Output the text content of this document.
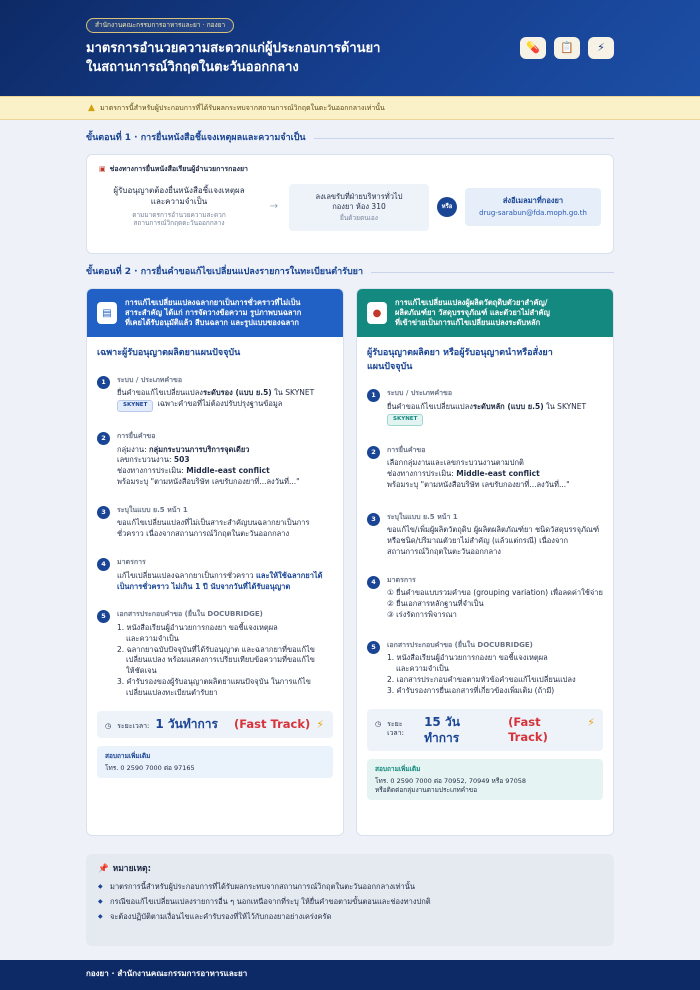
สำนักงานคณะกรรมการอาหารและยา · กองยา
มาตรการอำนวยความสะดวกแก่ผู้ประกอบการด้านยา
ในสถานการณ์วิกฤตในตะวันออกกลาง
💊	📋	⚡
▲ มาตรการนี้สำหรับผู้ประกอบการที่ได้รับผลกระทบจากสถานการณ์วิกฤตในตะวันออกกลางเท่านั้น
ขั้นตอนที่ 1 · การยื่นหนังสือชี้แจงเหตุผลและความจำเป็น
▣ ช่องทางการยื่นหนังสือเรียนผู้อำนวยการกองยา
ผู้รับอนุญาตต้องยื่นหนังสือชี้แจงเหตุผล
และความจำเป็น
ตามมาตรการอำนวยความสะดวก
สถานการณ์วิกฤตตะวันออกกลาง
→
ลงเลขรับที่ฝ่ายบริหารทั่วไป
กองยา ห้อง 310
ยื่นด้วยตนเอง
หรือ
ส่งอีเมลมาที่กองยา
drug-sarabun@fda.moph.go.th
ขั้นตอนที่ 2 · การยื่นคำขอแก้ไขเปลี่ยนแปลงรายการในทะเบียนตำรับยา
▤
การแก้ไขเปลี่ยนแปลงฉลากยาเป็นการชั่วคราวที่ไม่เป็น
สาระสำคัญ ได้แก่ การจัดวางข้อความ รูปภาพบนฉลาก
ที่เคยได้รับอนุมัติแล้ว สีบนฉลาก และรูปแบบของฉลาก
เฉพาะผู้รับอนุญาตผลิตยาแผนปัจจุบัน
1	ระบบ / ประเภทคำขอ
ยื่นคำขอแก้ไขเปลี่ยนแปลงระดับรอง (แบบ ย.5) ใน SKYNET
SKYNET เฉพาะคำขอที่ไม่ต้องปรับปรุงฐานข้อมูล
2	การยื่นคำขอ
กลุ่มงาน: กลุ่มกระบวนการบริการจุดเดียว
เลขกระบวนงาน: 503
ช่องทางการประเมิน: Middle-east conflict
พร้อมระบุ "ตามหนังสือบริษัท เลขรับกองยาที่...ลงวันที่..."
3	ระบุในแบบ ย.5 หน้า 1
ขอแก้ไขเปลี่ยนแปลงที่ไม่เป็นสาระสำคัญบนฉลากยาเป็นการ
ชั่วคราว เนื่องจากสถานการณ์วิกฤตในตะวันออกกลาง
4	มาตรการ
แก้ไขเปลี่ยนแปลงฉลากยาเป็นการชั่วคราว และให้ใช้ฉลากยาได้
เป็นการชั่วคราว ไม่เกิน 1 ปี นับจากวันที่ได้รับอนุญาต
5	เอกสารประกอบคำขอ (ยื่นใน DOCUBRIDGE)
1. หนังสือเรียนผู้อำนวยการกองยา ขอชี้แจงเหตุผล
และความจำเป็น
2. ฉลากยาฉบับปัจจุบันที่ได้รับอนุญาต และฉลากยาที่ขอแก้ไข
เปลี่ยนแปลง พร้อมแสดงการเปรียบเทียบข้อความที่ขอแก้ไข
ให้ชัดเจน
3. คำรับรองของผู้รับอนุญาตผลิตยาแผนปัจจุบัน ในการแก้ไข
เปลี่ยนแปลงทะเบียนตำรับยา
◷ ระยะเวลา: 1 วันทำการ (Fast Track) ⚡
สอบถามเพิ่มเติม
โทร. 0 2590 7000 ต่อ 97165
●
การแก้ไขเปลี่ยนแปลงผู้ผลิตวัตถุดิบตัวยาสำคัญ/
ผลิตภัณฑ์ยา วัสดุบรรจุภัณฑ์ และตัวยาไม่สำคัญ
ที่เข้าข่ายเป็นการแก้ไขเปลี่ยนแปลงระดับหลัก
ผู้รับอนุญาตผลิตยา หรือผู้รับอนุญาตนำหรือสั่งยา
แผนปัจจุบัน
1	ระบบ / ประเภทคำขอ
ยื่นคำขอแก้ไขเปลี่ยนแปลงระดับหลัก (แบบ ย.5) ใน SKYNET
SKYNET
2	การยื่นคำขอ
เลือกกลุ่มงานและเลขกระบวนงานตามปกติ
ช่องทางการประเมิน: Middle-east conflict
พร้อมระบุ "ตามหนังสือบริษัท เลขรับกองยาที่...ลงวันที่..."
3	ระบุในแบบ ย.5 หน้า 1
ขอแก้ไข/เพิ่มผู้ผลิตวัตถุดิบ ผู้ผลิตผลิตภัณฑ์ยา ชนิดวัสดุบรรจุภัณฑ์
หรือชนิด/ปริมาณตัวยาไม่สำคัญ (แล้วแต่กรณี) เนื่องจาก
สถานการณ์วิกฤตในตะวันออกกลาง
4	มาตรการ
① ยื่นคำขอแบบรวมคำขอ (grouping variation) เพื่อลดค่าใช้จ่าย
② ยื่นเอกสารหลักฐานที่จำเป็น
③ เร่งรัดการพิจารณา
5	เอกสารประกอบคำขอ (ยื่นใน DOCUBRIDGE)
1. หนังสือเรียนผู้อำนวยการกองยา ขอชี้แจงเหตุผล
และความจำเป็น
2. เอกสารประกอบคำขอตามหัวข้อคำขอแก้ไขเปลี่ยนแปลง
3. คำรับรองการยื่นเอกสารที่เกี่ยวข้องเพิ่มเติม (ถ้ามี)
◷ ระยะเวลา:
15 วันทำการ
(Fast Track)
⚡
สอบถามเพิ่มเติม
โทร. 0 2590 7000 ต่อ 70952, 70949 หรือ 97058
หรือติดต่อกลุ่มงานตามประเภทคำขอ
📌 หมายเหตุ:
◆ มาตรการนี้สำหรับผู้ประกอบการที่ได้รับผลกระทบจากสถานการณ์วิกฤตในตะวันออกกลางเท่านั้น
◆ กรณีขอแก้ไขเปลี่ยนแปลงรายการอื่น ๆ นอกเหนือจากที่ระบุ ให้ยื่นคำขอตามขั้นตอนและช่องทางปกติ
◆ จะต้องปฏิบัติตามเงื่อนไขและคำรับรองที่ให้ไว้กับกองยาอย่างเคร่งครัด
กองยา · สำนักงานคณะกรรมการอาหารและยา
